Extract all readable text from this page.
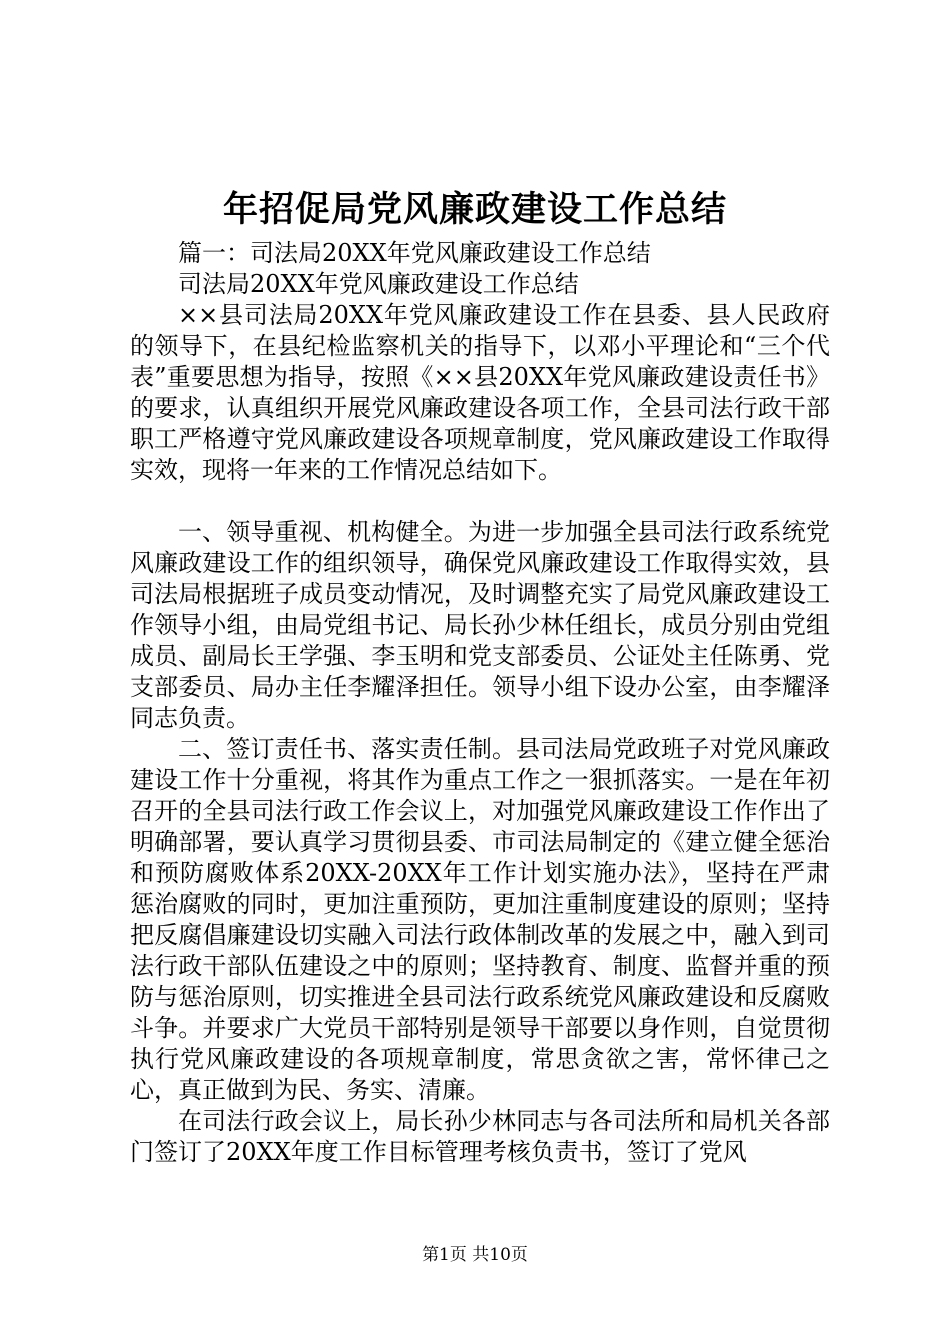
年招促局党风廉政建设工作总结

篇一：司法局20XX年党风廉政建设工作总结

司法局20XX年党风廉政建设工作总结

××县司法局20XX年党风廉政建设工作在县委、县人民政府的领导下，在县纪检监察机关的指导下，以邓小平理论和“三个代表”重要思想为指导，按照《××县20XX年党风廉政建设责任书》的要求，认真组织开展党风廉政建设各项工作，全县司法行政干部职工严格遵守党风廉政建设各项规章制度，党风廉政建设工作取得实效，现将一年来的工作情况总结如下。

一、领导重视、机构健全。为进一步加强全县司法行政系统党风廉政建设工作的组织领导，确保党风廉政建设工作取得实效，县司法局根据班子成员变动情况，及时调整充实了局党风廉政建设工作领导小组，由局党组书记、局长孙少林任组长，成员分别由党组成员、副局长王学强、李玉明和党支部委员、公证处主任陈勇、党支部委员、局办主任李耀泽担任。领导小组下设办公室，由李耀泽同志负责。

二、签订责任书、落实责任制。县司法局党政班子对党风廉政建设工作十分重视，将其作为重点工作之一狠抓落实。一是在年初召开的全县司法行政工作会议上，对加强党风廉政建设工作作出了明确部署，要认真学习贯彻县委、市司法局制定的《建立健全惩治和预防腐败体系20XX-20XX年工作计划实施办法》，坚持在严肃惩治腐败的同时，更加注重预防，更加注重制度建设的原则；坚持把反腐倡廉建设切实融入司法行政体制改革的发展之中，融入到司法行政干部队伍建设之中的原则；坚持教育、制度、监督并重的预防与惩治原则，切实推进全县司法行政系统党风廉政建设和反腐败斗争。并要求广大党员干部特别是领导干部要以身作则，自觉贯彻执行党风廉政建设的各项规章制度，常思贪欲之害，常怀律己之心，真正做到为民、务实、清廉。

在司法行政会议上，局长孙少林同志与各司法所和局机关各部门签订了20XX年度工作目标管理考核负责书，签订了党风

第1页 共10页
